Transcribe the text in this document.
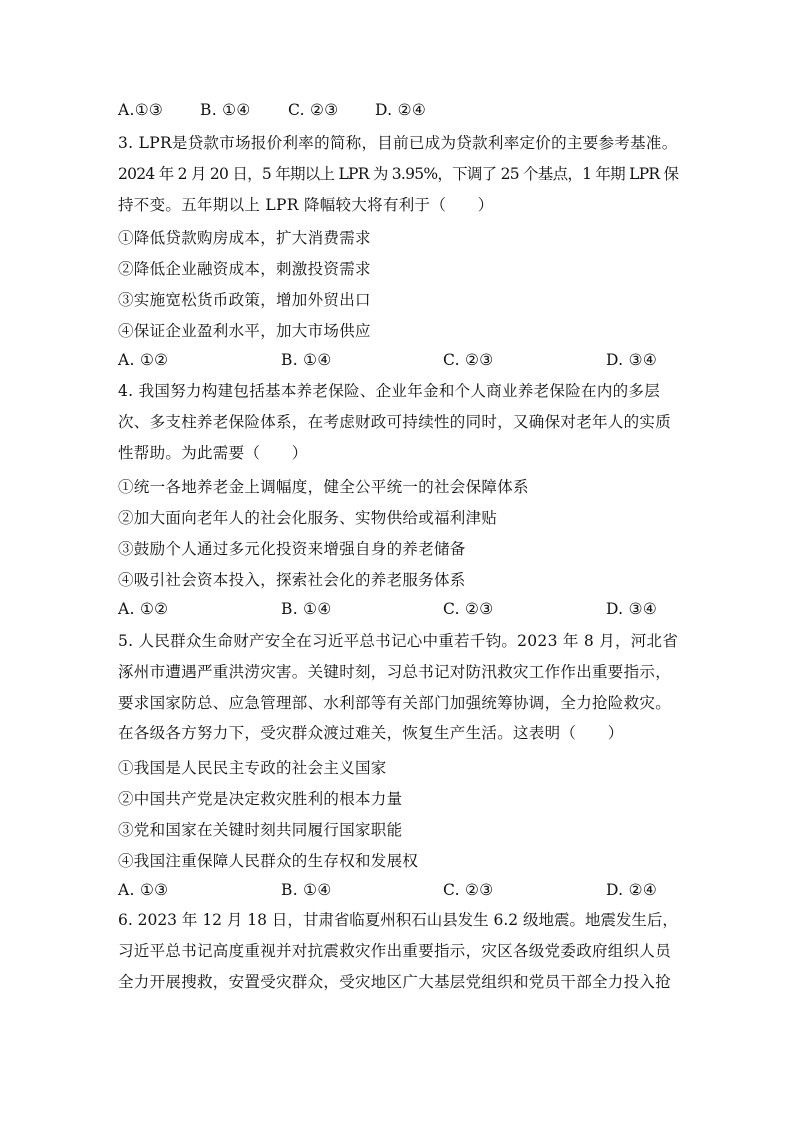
A.①③ B. ①④ C. ②③ D. ②④
3. LPR是贷款市场报价利率的简称，目前已成为贷款利率定价的主要参考基准。
2024 年 2 月 20 日，5 年期以上 LPR 为 3.95%，下调了 25 个基点，1 年期 LPR 保
持不变。五年期以上 LPR 降幅较大将有利于（　　）
①降低贷款购房成本，扩大消费需求
②降低企业融资成本，刺激投资需求
③实施宽松货币政策，增加外贸出口
④保证企业盈利水平，加大市场供应
A. ①②	B. ①④	C. ②③	D. ③④
4. 我国努力构建包括基本养老保险、企业年金和个人商业养老保险在内的多层
次、多支柱养老保险体系，在考虑财政可持续性的同时，又确保对老年人的实质
性帮助。为此需要（　　）
①统一各地养老金上调幅度，健全公平统一的社会保障体系
②加大面向老年人的社会化服务、实物供给或福利津贴
③鼓励个人通过多元化投资来增强自身的养老储备
④吸引社会资本投入，探索社会化的养老服务体系
A. ①②	B. ①④	C. ②③	D. ③④
5. 人民群众生命财产安全在习近平总书记心中重若千钧。2023 年 8 月，河北省
涿州市遭遇严重洪涝灾害。关键时刻，习总书记对防汛救灾工作作出重要指示，
要求国家防总、应急管理部、水利部等有关部门加强统筹协调，全力抢险救灾。
在各级各方努力下，受灾群众渡过难关，恢复生产生活。这表明（　　）
①我国是人民民主专政的社会主义国家
②中国共产党是决定救灾胜利的根本力量
③党和国家在关键时刻共同履行国家职能
④我国注重保障人民群众的生存权和发展权
A. ①③	B. ①④	C. ②③	D. ②④
6. 2023 年 12 月 18 日，甘肃省临夏州积石山县发生 6.2 级地震。地震发生后，
习近平总书记高度重视并对抗震救灾作出重要指示，灾区各级党委政府组织人员
全力开展搜救，安置受灾群众，受灾地区广大基层党组织和党员干部全力投入抢
